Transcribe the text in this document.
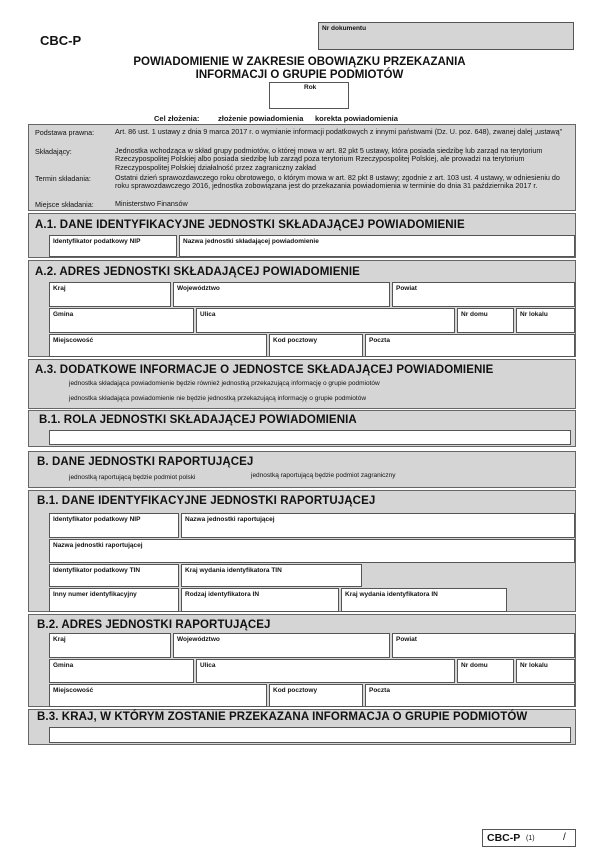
CBC-P
Nr dokumentu
POWIADOMIENIE W ZAKRESIE OBOWIĄZKU PRZEKAZANIA
INFORMACJI O GRUPIE PODMIOTÓW
Rok
Cel złożenia: złożenie powiadomienia korekta powiadomienia
Podstawa prawna:	Art. 86 ust. 1 ustawy z dnia 9 marca 2017 r. o wymianie informacji podatkowych z innymi państwami (Dz. U. poz. 648), zwanej dalej „ustawą”
Składający:	Jednostka wchodząca w skład grupy podmiotów, o której mowa w art. 82 pkt 5 ustawy, która posiada siedzibę lub zarząd na terytorium Rzeczypospolitej Polskiej albo posiada siedzibę lub zarząd poza terytorium Rzeczypospolitej Polskiej, ale prowadzi na terytorium Rzeczypospolitej Polskiej działalność przez zagraniczny zakład
Termin składania:	Ostatni dzień sprawozdawczego roku obrotowego, o którym mowa w art. 82 pkt 8 ustawy; zgodnie z art. 103 ust. 4 ustawy, w odniesieniu do roku sprawozdawczego 2016, jednostka zobowiązana jest do przekazania powiadomienia w terminie do dnia 31 października 2017 r.
Miejsce składania:	Ministerstwo Finansów
A.1. DANE IDENTYFIKACYJNE JEDNOSTKI SKŁADAJĄCEJ POWIADOMIENIE
Identyfikator podatkowy NIP	Nazwa jednostki składającej powiadomienie
A.2. ADRES JEDNOSTKI SKŁADAJĄCEJ POWIADOMIENIE
Kraj	Województwo	Powiat
Gmina	Ulica	Nr domu	Nr lokalu
Miejscowość	Kod pocztowy	Poczta
A.3. DODATKOWE INFORMACJE O JEDNOSTCE SKŁADAJĄCEJ POWIADOMIENIE
jednostka składająca powiadomienie będzie również jednostką przekazującą informację o grupie podmiotów
jednostka składająca powiadomienie nie będzie jednostką przekazującą informację o grupie podmiotów
B.1. ROLA JEDNOSTKI SKŁADAJĄCEJ POWIADOMIENIA
B. DANE JEDNOSTKI RAPORTUJĄCEJ
jednostką raportującą będzie podmiot polski	jednostką raportującą będzie podmiot zagraniczny
B.1. DANE IDENTYFIKACYJNE JEDNOSTKI RAPORTUJĄCEJ
Identyfikator podatkowy NIP	Nazwa jednostki raportującej
Nazwa jednostki raportującej
Identyfikator podatkowy TIN	Kraj wydania identyfikatora TIN
Inny numer identyfikacyjny	Rodzaj identyfikatora IN	Kraj wydania identyfikatora IN
B.2. ADRES JEDNOSTKI RAPORTUJĄCEJ
Kraj	Województwo	Powiat
Gmina	Ulica	Nr domu	Nr lokalu
Miejscowość	Kod pocztowy	Poczta
B.3. KRAJ, W KTÓRYM ZOSTANIE PRZEKAZANA INFORMACJA O GRUPIE PODMIOTÓW
CBC-P (1)	/
